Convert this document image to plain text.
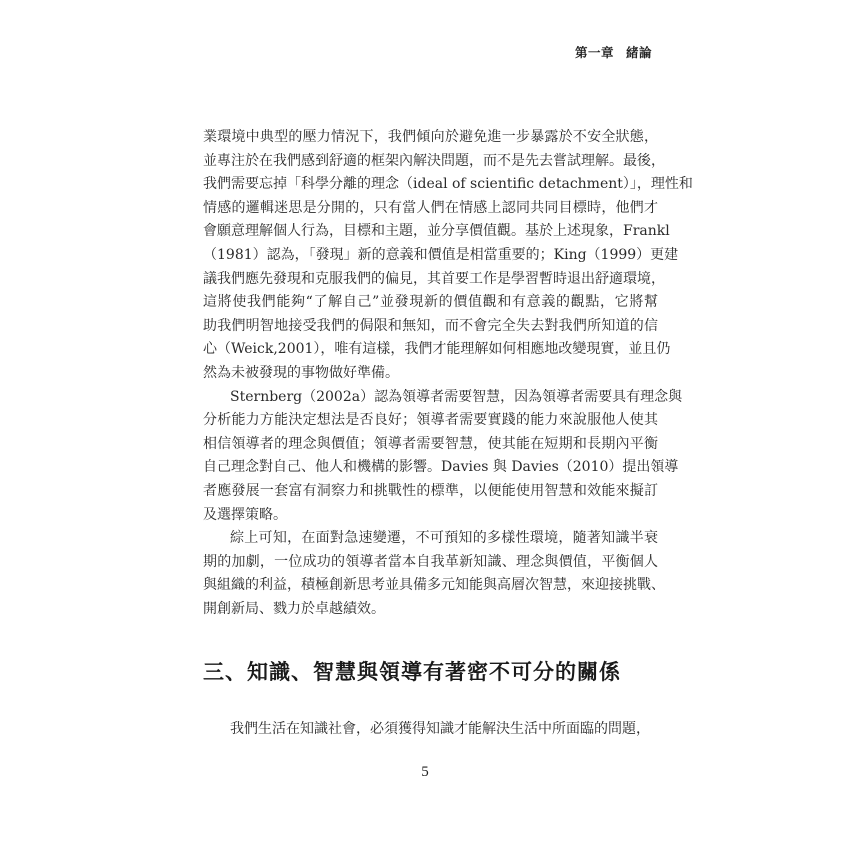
第一章 緒論
業環境中典型的壓力情況下，我們傾向於避免進一步暴露於不安全狀態，
並專注於在我們感到舒適的框架內解決問題，而不是先去嘗試理解。最後，
我們需要忘掉「科學分離的理念（ideal of scientific detachment）」，理性和
情感的邏輯迷思是分開的，只有當人們在情感上認同共同目標時，他們才
會願意理解個人行為，目標和主題，並分享價值觀。基於上述現象，Frankl
（1981）認為，「發現」新的意義和價值是相當重要的；King（1999）更建
議我們應先發現和克服我們的偏見，其首要工作是學習暫時退出舒適環境，
這將使我們能夠“了解自己”並發現新的價值觀和有意義的觀點，它將幫
助我們明智地接受我們的侷限和無知，而不會完全失去對我們所知道的信
心（Weick,2001），唯有這樣，我們才能理解如何相應地改變現實，並且仍
然為未被發現的事物做好準備。
Sternberg（2002a）認為領導者需要智慧，因為領導者需要具有理念與
分析能力方能決定想法是否良好；領導者需要實踐的能力來說服他人使其
相信領導者的理念與價值；領導者需要智慧，使其能在短期和長期內平衡
自己理念對自己、他人和機構的影響。Davies 與 Davies（2010）提出領導
者應發展一套富有洞察力和挑戰性的標準，以便能使用智慧和效能來擬訂
及選擇策略。
綜上可知，在面對急速變遷，不可預知的多樣性環境，隨著知識半衰
期的加劇，一位成功的領導者當本自我革新知識、理念與價值，平衡個人
與組織的利益，積極創新思考並具備多元知能與高層次智慧，來迎接挑戰、
開創新局、戮力於卓越績效。
三、知識、智慧與領導有著密不可分的關係
我們生活在知識社會，必須獲得知識才能解決生活中所面臨的問題，
5
